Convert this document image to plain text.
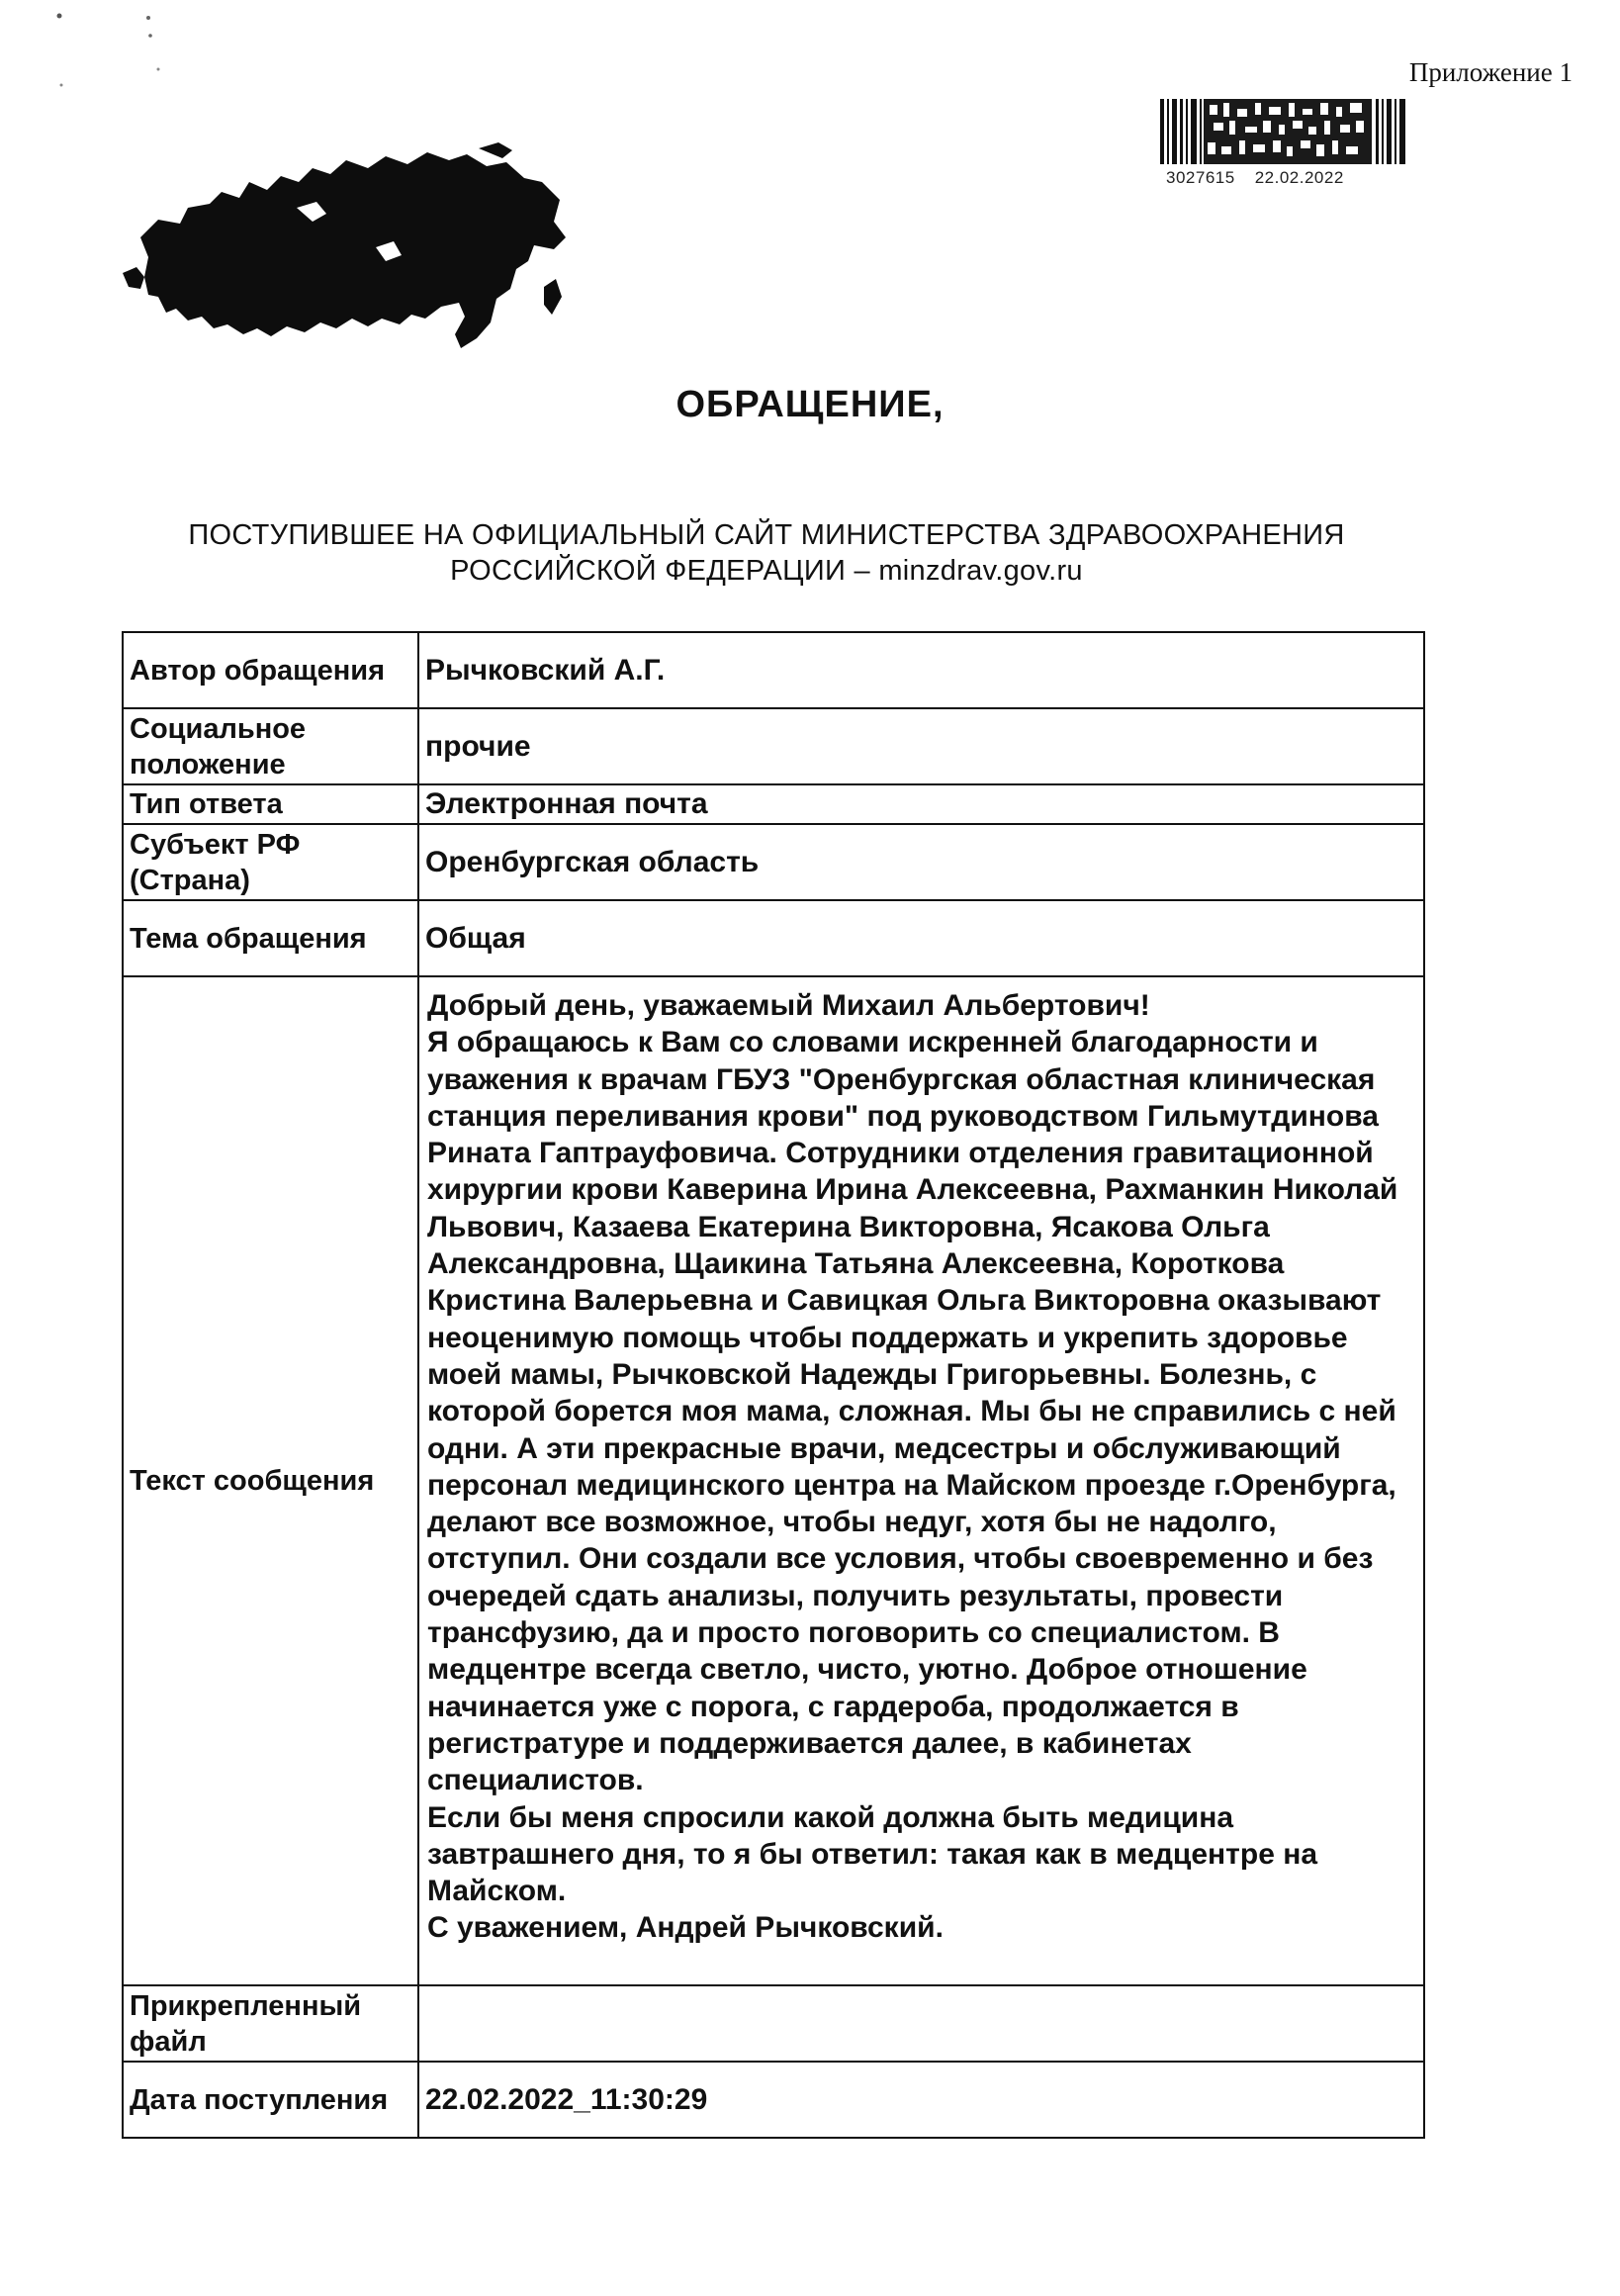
Приложение 1
3027615 22.02.2022
ОБРАЩЕНИЕ,
ПОСТУПИВШЕЕ НА ОФИЦИАЛЬНЫЙ САЙТ МИНИСТЕРСТВА ЗДРАВООХРАНЕНИЯ
РОССИЙСКОЙ ФЕДЕРАЦИИ – minzdrav.gov.ru
Автор обращения	Рычковский А.Г.
Социальное положение	прочие
Тип ответа	Электронная почта
Субъект РФ (Страна)	Оренбургская область
Тема обращения	Общая
Текст сообщения	Добрый день, уважаемый Михаил Альбертович!

Я обращаюсь к Вам со словами искренней благодарности и уважения к врачам ГБУЗ "Оренбургская областная клиническая станция переливания крови" под руководством Гильмутдинова Рината Гаптрауфовича. Сотрудники отделения гравитационной хирургии крови Каверина Ирина Алексеевна, Рахманкин Николай Львович, Казаева Екатерина Викторовна, Ясакова Ольга Александровна, Щаикина Татьяна Алексеевна, Короткова Кристина Валерьевна и Савицкая Ольга Викторовна оказывают неоценимую помощь чтобы поддержать и укрепить здоровье моей мамы, Рычковской Надежды Григорьевны. Болезнь, с которой борется моя мама, сложная. Мы бы не справились с ней одни. А эти прекрасные врачи, медсестры и обслуживающий персонал медицинского центра на Майском проезде г.Оренбурга, делают все возможное, чтобы недуг, хотя бы не надолго, отступил. Они создали все условия, чтобы своевременно и без очередей сдать анализы, получить результаты, провести трансфузию, да и просто поговорить со специалистом. В медцентре всегда светло, чисто, уютно. Доброе отношение начинается уже с порога, с гардероба, продолжается в регистратуре и поддерживается далее, в кабинетах специалистов.

Если бы меня спросили какой должна быть медицина завтрашнего дня, то я бы ответил: такая как в медцентре на Майском.

С уважением, Андрей Рычковский.

Прикрепленный файл	
Дата поступления	22.02.2022_11:30:29
